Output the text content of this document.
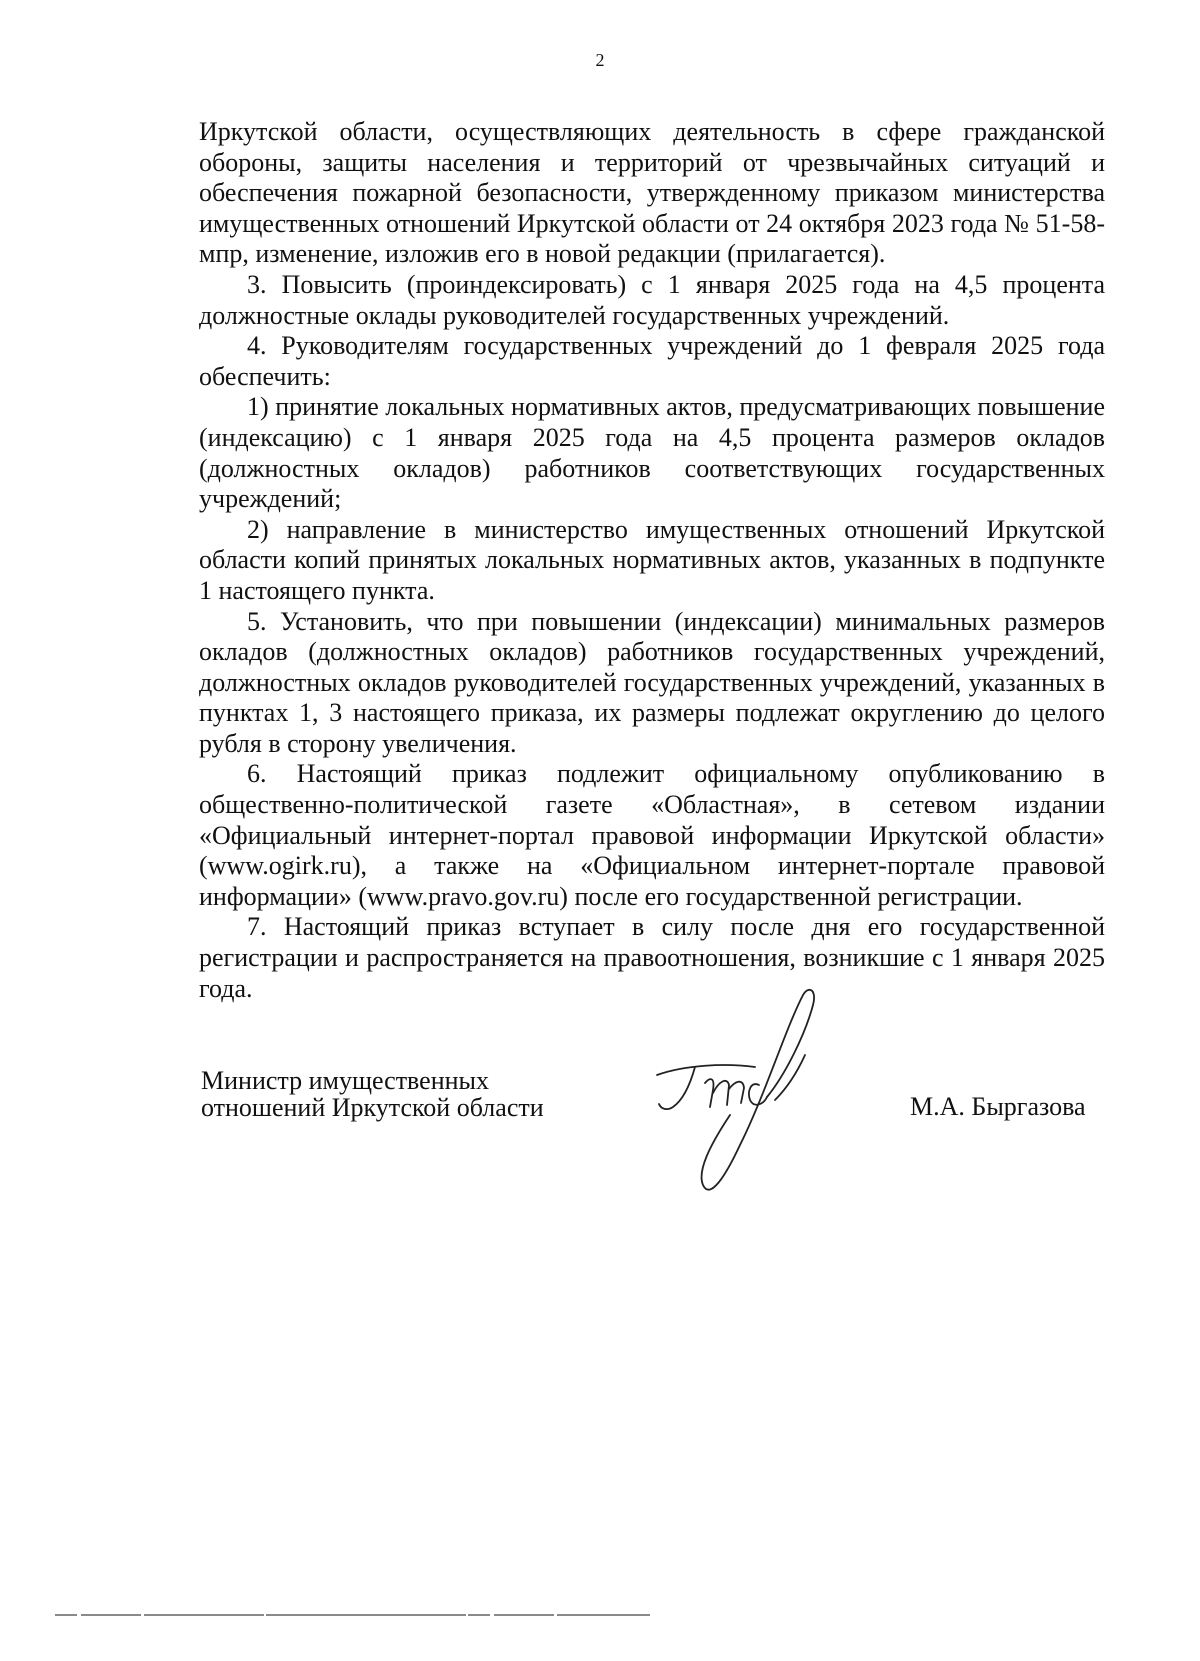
2

Иркутской области, осуществляющих деятельность в сфере гражданской обороны, защиты населения и территорий от чрезвычайных ситуаций и обеспечения пожарной безопасности, утвержденному приказом министерства имущественных отношений Иркутской области от 24 октября 2023 года № 51-58-мпр, изменение, изложив его в новой редакции (прилагается).

3. Повысить (проиндексировать) с 1 января 2025 года на 4,5 процента должностные оклады руководителей государственных учреждений.

4. Руководителям государственных учреждений до 1 февраля 2025 года обеспечить:

1) принятие локальных нормативных актов, предусматривающих повышение (индексацию) с 1 января 2025 года на 4,5 процента размеров окладов (должностных окладов) работников соответствующих государственных учреждений;

2) направление в министерство имущественных отношений Иркутской области копий принятых локальных нормативных актов, указанных в подпункте 1 настоящего пункта.

5. Установить, что при повышении (индексации) минимальных размеров окладов (должностных окладов) работников государственных учреждений, должностных окладов руководителей государственных учреждений, указанных в пунктах 1, 3 настоящего приказа, их размеры подлежат округлению до целого рубля в сторону увеличения.

6. Настоящий приказ подлежит официальному опубликованию в общественно-политической газете «Областная», в сетевом издании «Официальный интернет-портал правовой информации Иркутской области» (www.ogirk.ru), а также на «Официальном интернет-портале правовой информации» (www.pravo.gov.ru) после его государственной регистрации.

7. Настоящий приказ вступает в силу после дня его государственной регистрации и распространяется на правоотношения, возникшие с 1 января 2025 года.

Министр имущественных
отношений Иркутской области	М.А. Быргазова
